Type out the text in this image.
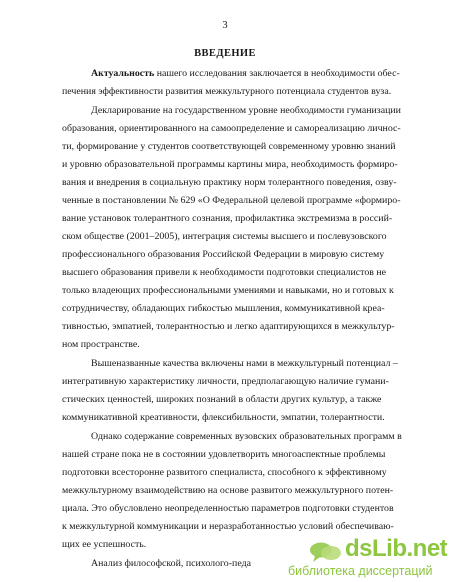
3
ВВЕДЕНИЕ
Актуальность нашего исследования заключается в необходимости обес-
печения эффективности развития межкультурного потенциала студентов вуза.
Декларирование на государственном уровне необходимости гуманизации
образования, ориентированного на самоопределение и самореализацию личнос-
ти, формирование у студентов соответствующей современному уровню знаний
и уровню образовательной программы картины мира, необходимость формиро-
вания и внедрения в социальную практику норм толерантного поведения, озву-
ченные в постановлении № 629 «О Федеральной целевой программе «формиро-
вание установок толерантного сознания, профилактика экстремизма в россий-
ском обществе (2001–2005), интеграция системы высшего и послевузовского
профессионального образования Российской Федерации в мировую систему
высшего образования привели к необходимости подготовки специалистов не
только владеющих профессиональными умениями и навыками, но и готовых к
сотрудничеству, обладающих гибкостью мышления, коммуникативной креа-
тивностью, эмпатией, толерантностью и легко адаптирующихся в межкультур-
ном пространстве.
Вышеназванные качества включены нами в межкультурный потенциал –
интегративную характеристику личности, предполагающую наличие гумани-
стических ценностей, широких познаний в области других культур, а также
коммуникативной креативности, флексибильности, эмпатии, толерантности.
Однако содержание современных вузовских образовательных программ в
нашей стране пока не в состоянии удовлетворить многоаспектные проблемы
подготовки всесторонне развитого специалиста, способного к эффективному
межкультурному взаимодействию на основе развитого межкультурного потен-
циала. Это обусловлено неопределенностью параметров подготовки студентов
к межкультурной коммуникации и неразработанностью условий обеспечиваю-
щих ее успешность.
Анализ философской, психолого-педа
dsLib.net
библиотека диссертаций
